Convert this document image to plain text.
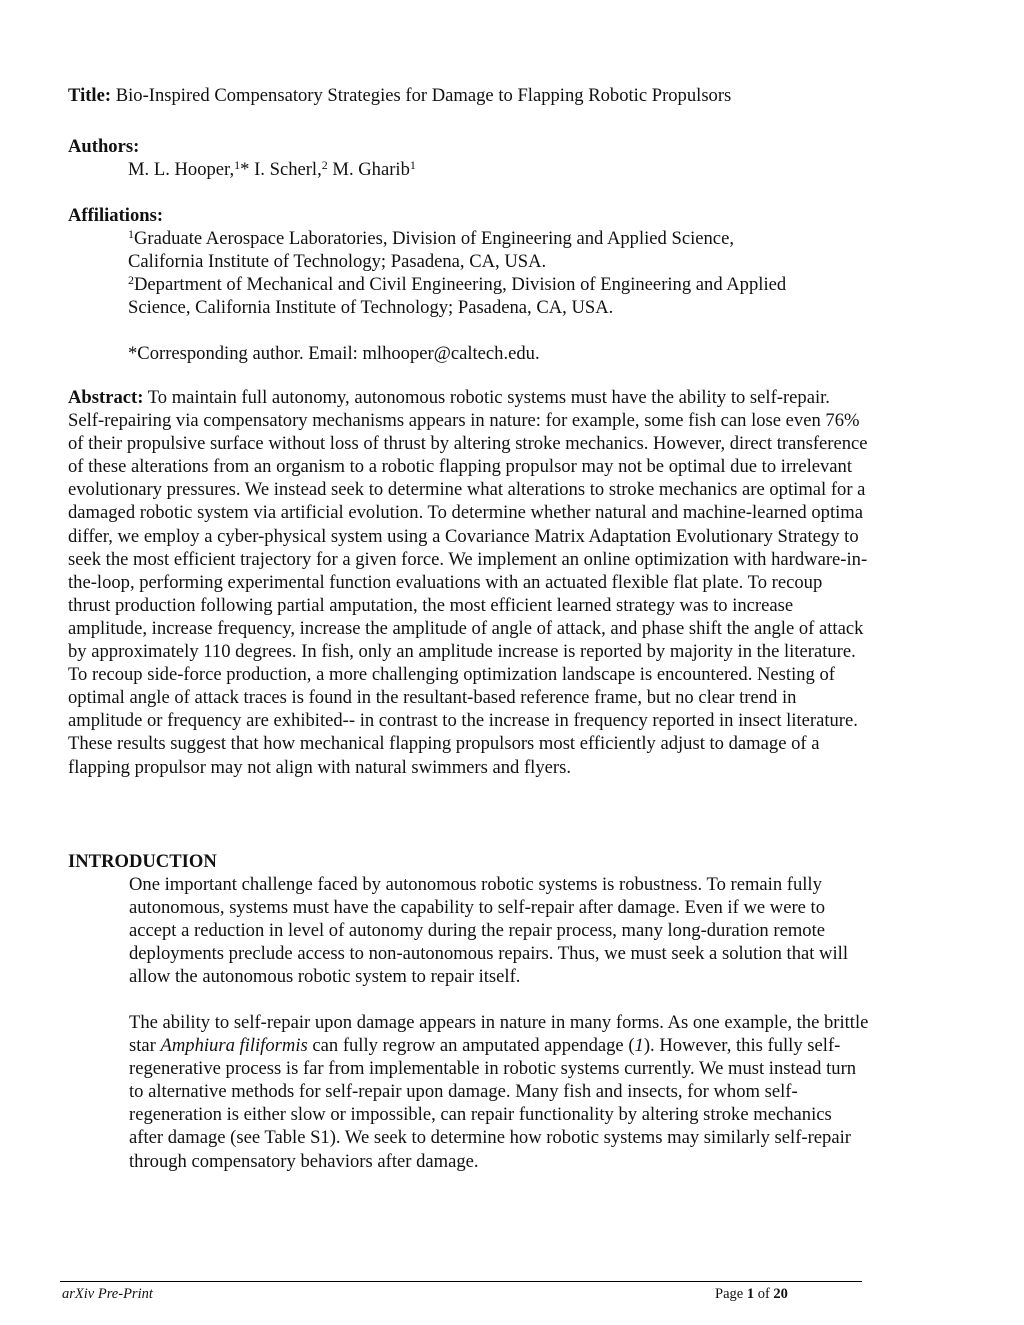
Title: Bio-Inspired Compensatory Strategies for Damage to Flapping Robotic Propulsors
Authors:
M. L. Hooper,$^1$* I. Scherl,$^2$ M. Gharib$^1$
Affiliations:
$^1$Graduate Aerospace Laboratories, Division of Engineering and Applied Science,
California Institute of Technology; Pasadena, CA, USA.
$^2$Department of Mechanical and Civil Engineering, Division of Engineering and Applied
Science, California Institute of Technology; Pasadena, CA, USA.
*Corresponding author. Email: mlhooper@caltech.edu.
Abstract: To maintain full autonomy, autonomous robotic systems must have the ability to self-repair. Self-repairing via compensatory mechanisms appears in nature: for example, some fish can lose even 76% of their propulsive surface without loss of thrust by altering stroke mechanics. However, direct transference of these alterations from an organism to a robotic flapping propulsor may not be optimal due to irrelevant evolutionary pressures. We instead seek to determine what alterations to stroke mechanics are optimal for a damaged robotic system via artificial evolution. To determine whether natural and machine-learned optima differ, we employ a cyber-physical system using a Covariance Matrix Adaptation Evolutionary Strategy to seek the most efficient trajectory for a given force. We implement an online optimization with hardware-in-the-loop, performing experimental function evaluations with an actuated flexible flat plate. To recoup thrust production following partial amputation, the most efficient learned strategy was to increase amplitude, increase frequency, increase the amplitude of angle of attack, and phase shift the angle of attack by approximately 110 degrees. In fish, only an amplitude increase is reported by majority in the literature. To recoup side-force production, a more challenging optimization landscape is encountered. Nesting of optimal angle of attack traces is found in the resultant-based reference frame, but no clear trend in amplitude or frequency are exhibited-- in contrast to the increase in frequency reported in insect literature. These results suggest that how mechanical flapping propulsors most efficiently adjust to damage of a flapping propulsor may not align with natural swimmers and flyers.
INTRODUCTION
One important challenge faced by autonomous robotic systems is robustness. To remain fully autonomous, systems must have the capability to self-repair after damage. Even if we were to accept a reduction in level of autonomy during the repair process, many long-duration remote deployments preclude access to non-autonomous repairs. Thus, we must seek a solution that will allow the autonomous robotic system to repair itself.
The ability to self-repair upon damage appears in nature in many forms. As one example, the brittle star Amphiura filiformis can fully regrow an amputated appendage (1). However, this fully self-regenerative process is far from implementable in robotic systems currently. We must instead turn to alternative methods for self-repair upon damage. Many fish and insects, for whom self-regeneration is either slow or impossible, can repair functionality by altering stroke mechanics after damage (see Table S1). We seek to determine how robotic systems may similarly self-repair through compensatory behaviors after damage.
arXiv Pre-Print	Page 1 of 20
